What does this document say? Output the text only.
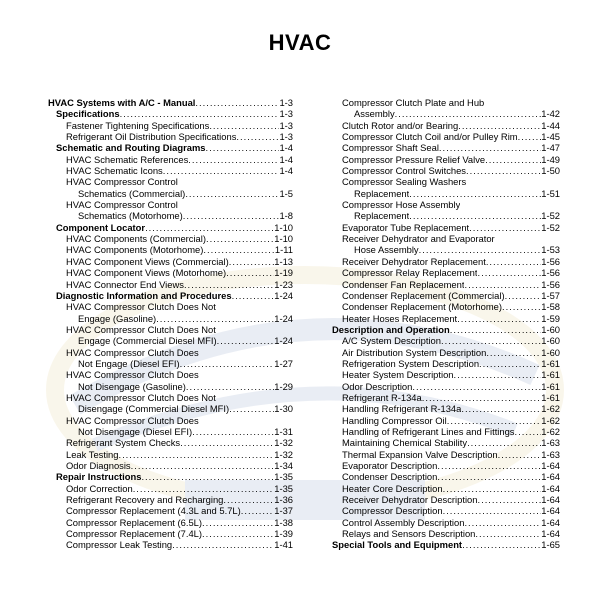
HVAC
HVAC Systems with A/C - Manual .....	1-3
Specifications .....	1-3
Fastener Tightening Specifications .....	1-3
Refrigerant Oil Distribution Specifications .....	1-3
Schematic and Routing Diagrams .....	1-4
HVAC Schematic References .....	1-4
HVAC Schematic Icons .....	1-4
HVAC Compressor Control
Schematics (Commercial) .....	1-5
HVAC Compressor Control
Schematics (Motorhome) .....	1-8
Component Locator .....	1-10
HVAC Components (Commercial) .....	1-10
HVAC Components (Motorhome) .....	1-11
HVAC Component Views (Commercial) .....	1-13
HVAC Component Views (Motorhome) .....	1-19
HVAC Connector End Views .....	1-23
Diagnostic Information and Procedures .....	1-24
HVAC Compressor Clutch Does Not
Engage (Gasoline) .....	1-24
HVAC Compressor Clutch Does Not
Engage (Commercial Diesel MFI) .....	1-24
HVAC Compressor Clutch Does
Not Engage (Diesel EFI) .....	1-27
HVAC Compressor Clutch Does
Not Disengage (Gasoline) .....	1-29
HVAC Compressor Clutch Does Not
Disengage (Commercial Diesel MFI) .....	1-30
HVAC Compressor Clutch Does
Not Disengage (Diesel EFI) .....	1-31
Refrigerant System Checks .....	1-32
Leak Testing .....	1-32
Odor Diagnosis .....	1-34
Repair Instructions .....	1-35
Odor Correction .....	1-35
Refrigerant Recovery and Recharging .....	1-36
Compressor Replacement (4.3L and 5.7L) .....	1-37
Compressor Replacement (6.5L) .....	1-38
Compressor Replacement (7.4L) .....	1-39
Compressor Leak Testing .....	1-41
Compressor Clutch Plate and Hub
Assembly .....	1-42
Clutch Rotor and/or Bearing .....	1-44
Compressor Clutch Coil and/or Pulley Rim .....	1-45
Compressor Shaft Seal .....	1-47
Compressor Pressure Relief Valve .....	1-49
Compressor Control Switches .....	1-50
Compressor Sealing Washers
Replacement .....	1-51
Compressor Hose Assembly
Replacement .....	1-52
Evaporator Tube Replacement .....	1-52
Receiver Dehydrator and Evaporator
Hose Assembly .....	1-53
Receiver Dehydrator Replacement .....	1-56
Compressor Relay Replacement .....	1-56
Condenser Fan Replacement .....	1-56
Condenser Replacement (Commercial) .....	1-57
Condenser Replacement (Motorhome) .....	1-58
Heater Hoses Replacement .....	1-59
Description and Operation .....	1-60
A/C System Description .....	1-60
Air Distribution System Description .....	1-60
Refrigeration System Description .....	1-61
Heater System Description .....	1-61
Odor Description .....	1-61
Refrigerant R-134a .....	1-61
Handling Refrigerant R-134a .....	1-62
Handling Compressor Oil .....	1-62
Handling of Refrigerant Lines and Fittings .....	1-62
Maintaining Chemical Stability .....	1-63
Thermal Expansion Valve Description .....	1-63
Evaporator Description .....	1-64
Condenser Description .....	1-64
Heater Core Description .....	1-64
Receiver Dehydrator Description .....	1-64
Compressor Description .....	1-64
Control Assembly Description .....	1-64
Relays and Sensors Description .....	1-64
Special Tools and Equipment .....	1-65
